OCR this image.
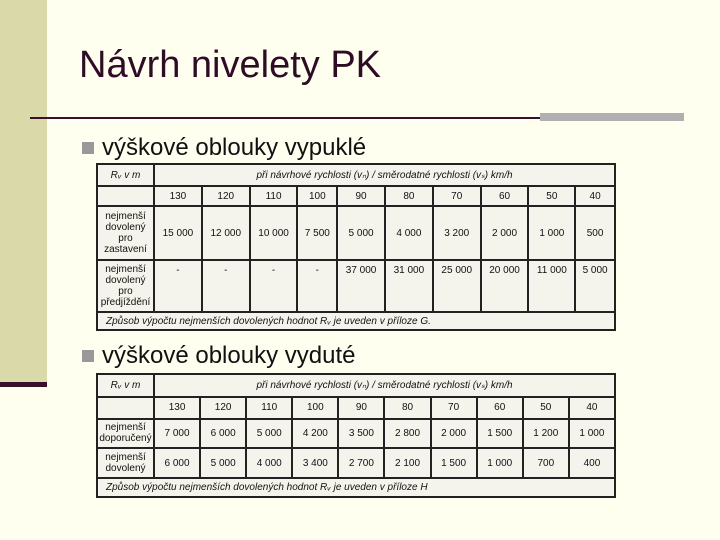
Návrh nivelety PK
výškové oblouky vypuklé
Rᵥ v m	při návrhové rychlosti (vₙ) / směrodatné rychlosti (vₛ) km/h									
	130	120	110	100	90	80	70	60	50	40
nejmenší dovolený pro zastavení	15 000	12 000	10 000	7 500	5 000	4 000	3 200	2 000	1 000	500
nejmenší dovolený pro předjíždění	-	-	-	-	37 000	31 000	25 000	20 000	11 000	5 000
Způsob výpočtu nejmenších dovolených hodnot Rᵥ je uveden v příloze G.										
výškové oblouky vyduté
Rᵥ v m	při návrhové rychlosti (vₙ) / směrodatné rychlosti (vₛ) km/h									
	130	120	110	100	90	80	70	60	50	40
nejmenší doporučený	7 000	6 000	5 000	4 200	3 500	2 800	2 000	1 500	1 200	1 000
nejmenší dovolený	6 000	5 000	4 000	3 400	2 700	2 100	1 500	1 000	700	400
Způsob výpočtu nejmenších dovolených hodnot Rᵥ je uveden v příloze H										
